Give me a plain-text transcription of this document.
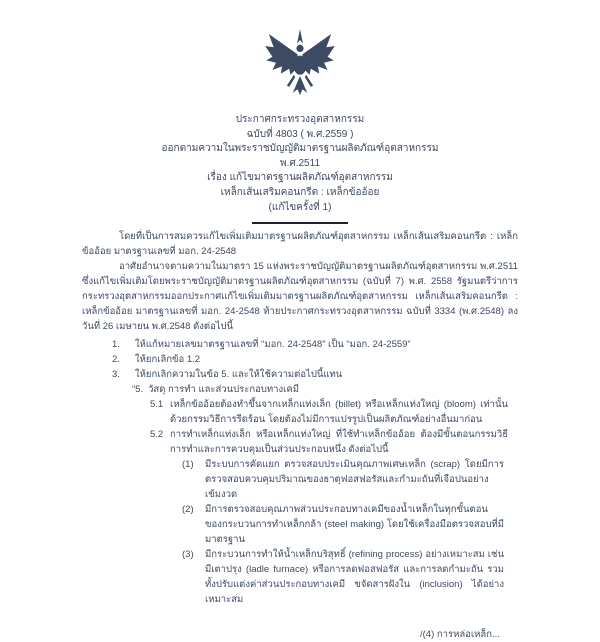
ประกาศกระทรวงอุตสาหกรรม
ฉบับที่ 4803 ( พ.ศ.2559 )
ออกตามความในพระราชบัญญัติมาตรฐานผลิตภัณฑ์อุตสาหกรรม
พ.ศ.2511
เรื่อง แก้ไขมาตรฐานผลิตภัณฑ์อุตสาหกรรม
เหล็กเส้นเสริมคอนกรีต : เหล็กข้ออ้อย
(แก้ไขครั้งที่ 1)
โดยที่เป็นการสมควรแก้ไขเพิ่มเติมมาตรฐานผลิตภัณฑ์อุตสาหกรรม เหล็กเส้นเสริมคอนกรีต : เหล็กข้ออ้อย มาตรฐานเลขที่ มอก. 24-2548
อาศัยอำนาจตามความในมาตรา 15 แห่งพระราชบัญญัติมาตรฐานผลิตภัณฑ์อุตสาหกรรม พ.ศ.2511 ซึ่งแก้ไขเพิ่มเติมโดยพระราชบัญญัติมาตรฐานผลิตภัณฑ์อุตสาหกรรม (ฉบับที่ 7) พ.ศ. 2558 รัฐมนตรีว่าการกระทรวงอุตสาหกรรมออกประกาศแก้ไขเพิ่มเติมมาตรฐานผลิตภัณฑ์อุตสาหกรรม เหล็กเส้นเสริมคอนกรีต : เหล็กข้ออ้อย มาตรฐานเลขที่ มอก. 24-2548 ท้ายประกาศกระทรวงอุตสาหกรรม ฉบับที่ 3334 (พ.ศ.2548) ลงวันที่ 26 เมษายน พ.ศ.2548 ดังต่อไปนี้
1.	ให้แก้หมายเลขมาตรฐานเลขที่ “มอก. 24-2548” เป็น “มอก. 24-2559”
2.	ให้ยกเลิกข้อ 1.2
3.	ให้ยกเลิกความในข้อ 5. และให้ใช้ความต่อไปนี้แทน
“5. วัสดุ การทำ และส่วนประกอบทางเคมี
5.1 เหล็กข้ออ้อยต้องทำขึ้นจากเหล็กแท่งเล็ก (billet) หรือเหล็กแท่งใหญ่ (bloom) เท่านั้น ด้วยกรรมวิธีการรีดร้อน โดยต้องไม่มีการแปรรูปเป็นผลิตภัณฑ์อย่างอื่นมาก่อน
5.2 การทำเหล็กแท่งเล็ก หรือเหล็กแท่งใหญ่ ที่ใช้ทำเหล็กข้ออ้อย ต้องมีขั้นตอนกรรมวิธีการทำและการควบคุมเป็นส่วนประกอบหนึ่ง ดังต่อไปนี้
(1)	มีระบบการคัดแยก ตรวจสอบประเมินคุณภาพเศษเหล็ก (scrap) โดยมีการตรวจสอบควบคุมปริมาณของธาตุฟอสฟอรัสและกำมะถันที่เจือปนอย่างเข้มงวด
(2)	มีการตรวจสอบคุณภาพส่วนประกอบทางเคมีของน้ำเหล็กในทุกขั้นตอนของกระบวนการทำเหล็กกล้า (steel making) โดยใช้เครื่องมือตรวจสอบที่มีมาตรฐาน
(3)	มีกระบวนการทำให้น้ำเหล็กบริสุทธิ์ (refining process) อย่างเหมาะสม เช่น มีเตาปรุง (ladle furnace) หรือการลดฟอสฟอรัส และการลดกำมะถัน รวมทั้งปรับแต่งค่าส่วนประกอบทางเคมี ขจัดสารฝังใน (inclusion) ได้อย่างเหมาะสม
/(4) การหล่อเหล็ก...
